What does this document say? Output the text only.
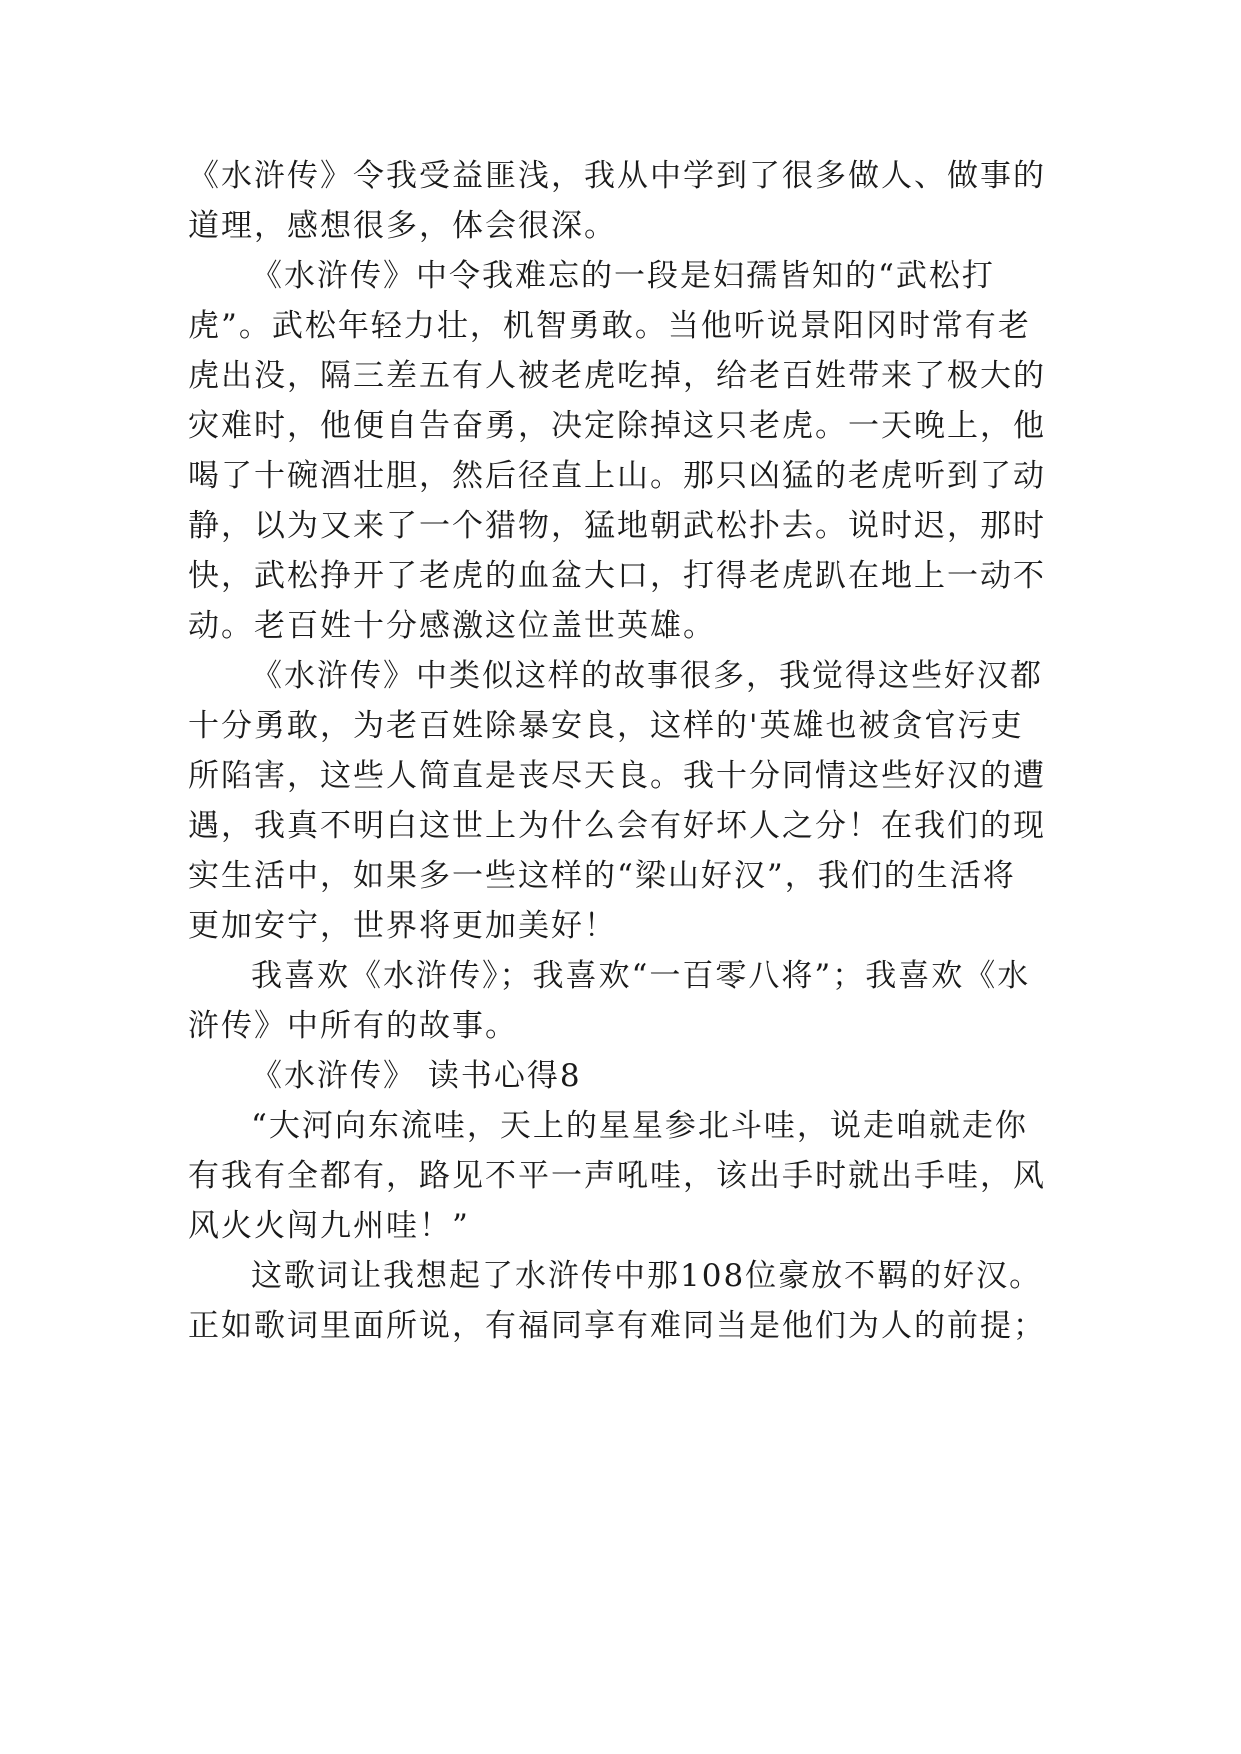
《水浒传》令我受益匪浅，我从中学到了很多做人、做事的
道理，感想很多，体会很深。
《水浒传》中令我难忘的一段是妇孺皆知的“武松打
虎”。武松年轻力壮，机智勇敢。当他听说景阳冈时常有老
虎出没，隔三差五有人被老虎吃掉，给老百姓带来了极大的
灾难时，他便自告奋勇，决定除掉这只老虎。一天晚上，他
喝了十碗酒壮胆，然后径直上山。那只凶猛的老虎听到了动
静，以为又来了一个猎物，猛地朝武松扑去。说时迟，那时
快，武松挣开了老虎的血盆大口，打得老虎趴在地上一动不
动。老百姓十分感激这位盖世英雄。
《水浒传》中类似这样的故事很多，我觉得这些好汉都
十分勇敢，为老百姓除暴安良，这样的'英雄也被贪官污吏
所陷害，这些人简直是丧尽天良。我十分同情这些好汉的遭
遇，我真不明白这世上为什么会有好坏人之分！在我们的现
实生活中，如果多一些这样的“梁山好汉”，我们的生活将
更加安宁，世界将更加美好！
我喜欢《水浒传》；我喜欢“一百零八将”；我喜欢《水
浒传》中所有的故事。
《水浒传》 读书心得8
“大河向东流哇，天上的星星参北斗哇，说走咱就走你
有我有全都有，路见不平一声吼哇，该出手时就出手哇，风
风火火闯九州哇！”
这歌词让我想起了水浒传中那108位豪放不羁的好汉。
正如歌词里面所说，有福同享有难同当是他们为人的前提；
